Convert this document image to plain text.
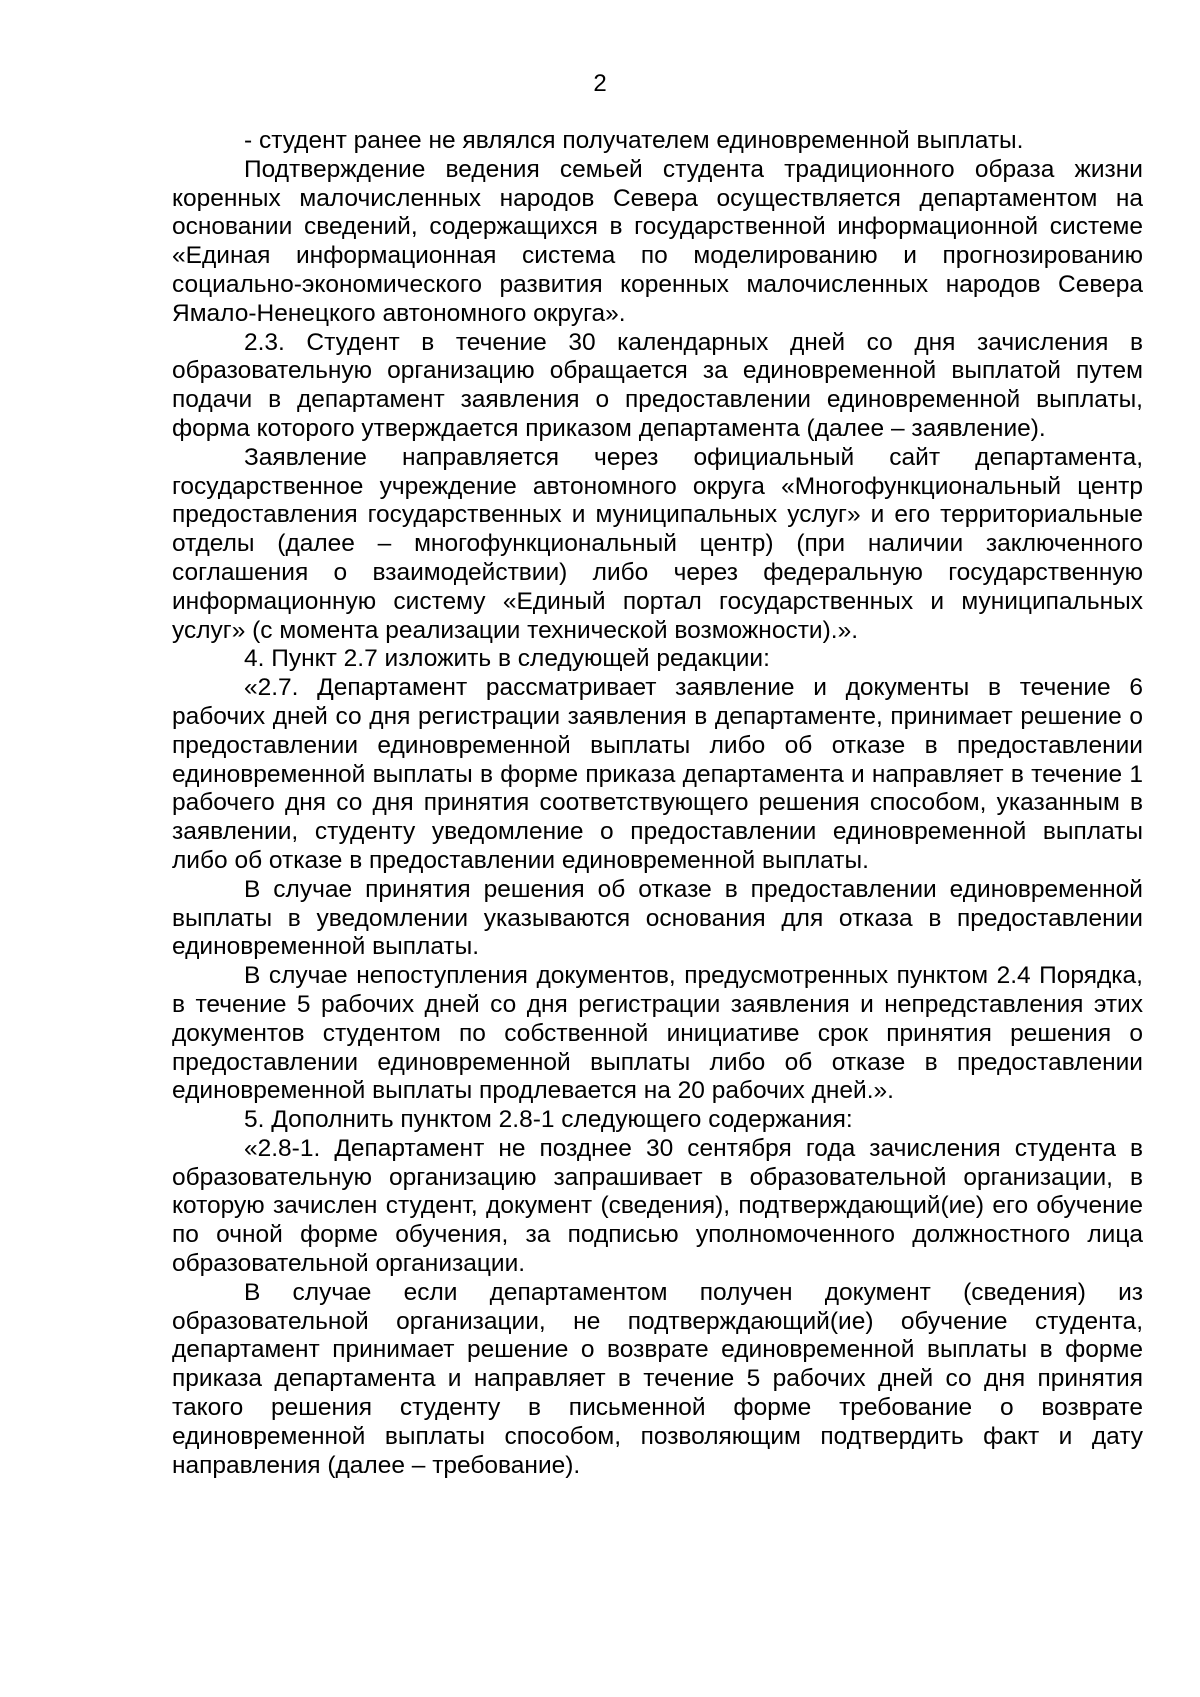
2

- студент ранее не являлся получателем единовременной выплаты.

Подтверждение ведения семьей студента традиционного образа жизни коренных малочисленных народов Севера осуществляется департаментом на основании сведений, содержащихся в государственной информационной системе «Единая информационная система по моделированию и прогнозированию социально-экономического развития коренных малочисленных народов Севера Ямало-Ненецкого автономного округа».

2.3. Студент в течение 30 календарных дней со дня зачисления в образовательную организацию обращается за единовременной выплатой путем подачи в департамент заявления о предоставлении единовременной выплаты, форма которого утверждается приказом департамента (далее – заявление).

Заявление направляется через официальный сайт департамента, государственное учреждение автономного округа «Многофункциональный центр предоставления государственных и муниципальных услуг» и его территориальные отделы (далее – многофункциональный центр) (при наличии заключенного соглашения о взаимодействии) либо через федеральную государственную информационную систему «Единый портал государственных и муниципальных услуг» (с момента реализации технической возможности).».

4. Пункт 2.7 изложить в следующей редакции:

«2.7. Департамент рассматривает заявление и документы в течение 6 рабочих дней со дня регистрации заявления в департаменте, принимает решение о предоставлении единовременной выплаты либо об отказе в предоставлении единовременной выплаты в форме приказа департамента и направляет в течение 1 рабочего дня со дня принятия соответствующего решения способом, указанным в заявлении, студенту уведомление о предоставлении единовременной выплаты либо об отказе в предоставлении единовременной выплаты.

В случае принятия решения об отказе в предоставлении единовременной выплаты в уведомлении указываются основания для отказа в предоставлении единовременной выплаты.

В случае непоступления документов, предусмотренных пунктом 2.4 Порядка, в течение 5 рабочих дней со дня регистрации заявления и непредставления этих документов студентом по собственной инициативе срок принятия решения о предоставлении единовременной выплаты либо об отказе в предоставлении единовременной выплаты продлевается на 20 рабочих дней.».

5. Дополнить пунктом 2.8-1 следующего содержания:

«2.8-1. Департамент не позднее 30 сентября года зачисления студента в образовательную организацию запрашивает в образовательной организации, в которую зачислен студент, документ (сведения), подтверждающий(ие) его обучение по очной форме обучения, за подписью уполномоченного должностного лица образовательной организации.

В случае если департаментом получен документ (сведения) из образовательной организации, не подтверждающий(ие) обучение студента, департамент принимает решение о возврате единовременной выплаты в форме приказа департамента и направляет в течение 5 рабочих дней со дня принятия такого решения студенту в письменной форме требование о возврате единовременной выплаты способом, позволяющим подтвердить факт и дату направления (далее – требование).
